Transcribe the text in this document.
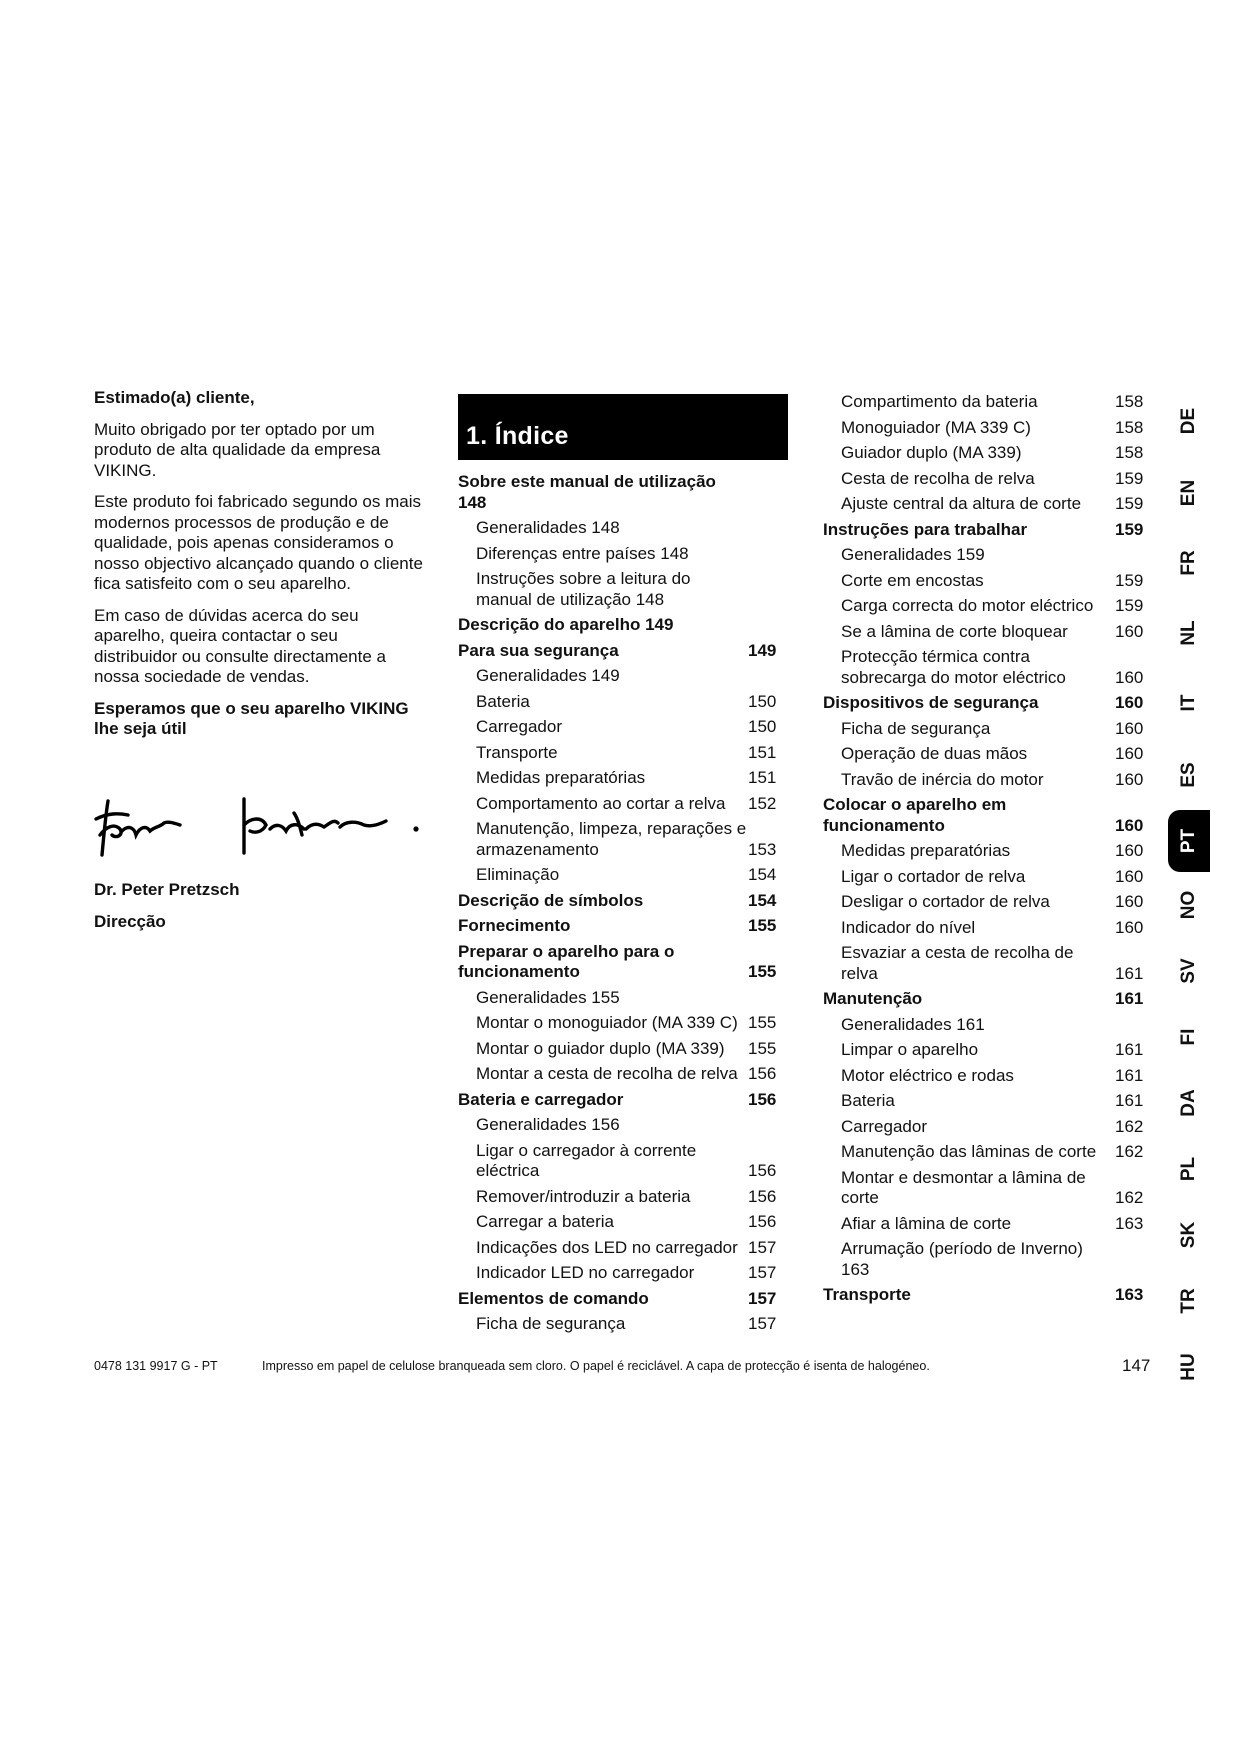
Estimado(a) cliente,

Muito obrigado por ter optado por um produto de alta qualidade da empresa VIKING.

Este produto foi fabricado segundo os mais modernos processos de produção e de qualidade, pois apenas consideramos o nosso objectivo alcançado quando o cliente fica satisfeito com o seu aparelho.

Em caso de dúvidas acerca do seu aparelho, queira contactar o seu distribuidor ou consulte directamente a nossa sociedade de vendas.

Esperamos que o seu aparelho VIKING lhe seja útil

Dr. Peter Pretzsch

Direcção

1. Índice
Sobre este manual de utilização 148
Generalidades 148
Diferenças entre países 148
Instruções sobre a leitura do manual de utilização 148
Descrição do aparelho 149
Para sua segurança	149
Generalidades 149
Bateria	150
Carregador	150
Transporte	151
Medidas preparatórias	151
Comportamento ao cortar a relva	152
Manutenção, limpeza, reparações e armazenamento	153
Eliminação	154
Descrição de símbolos	154
Fornecimento	155
Preparar o aparelho para o funcionamento	155
Generalidades 155
Montar o monoguiador (MA 339 C) 155
Montar o guiador duplo (MA 339)	155
Montar a cesta de recolha de relva 156
Bateria e carregador	156
Generalidades 156
Ligar o carregador à corrente eléctrica	156
Remover/introduzir a bateria	156
Carregar a bateria	156
Indicações dos LED no carregador 157
Indicador LED no carregador	157
Elementos de comando	157
Ficha de segurança	157
Compartimento da bateria	158
Monoguiador (MA 339 C)	158
Guiador duplo (MA 339)	158
Cesta de recolha de relva	159
Ajuste central da altura de corte	159
Instruções para trabalhar	159
Generalidades 159
Corte em encostas	159
Carga correcta do motor eléctrico	159
Se a lâmina de corte bloquear	160
Protecção térmica contra sobrecarga do motor eléctrico	160
Dispositivos de segurança	160
Ficha de segurança	160
Operação de duas mãos	160
Travão de inércia do motor	160
Colocar o aparelho em funcionamento	160
Medidas preparatórias	160
Ligar o cortador de relva	160
Desligar o cortador de relva	160
Indicador do nível	160
Esvaziar a cesta de recolha de relva	161
Manutenção	161
Generalidades 161
Limpar o aparelho	161
Motor eléctrico e rodas	161
Bateria	161
Carregador	162
Manutenção das lâminas de corte	162
Montar e desmontar a lâmina de corte	162
Afiar a lâmina de corte	163
Arrumação (período de Inverno) 163
Transporte	163
DE
EN
FR
NL
IT
ES
PT
NO
SV
FI
DA
PL
SK
TR
HU
0478 131 9917 G - PT	Impresso em papel de celulose branqueada sem cloro. O papel é reciclável. A capa de protecção é isenta de halogéneo.	147
